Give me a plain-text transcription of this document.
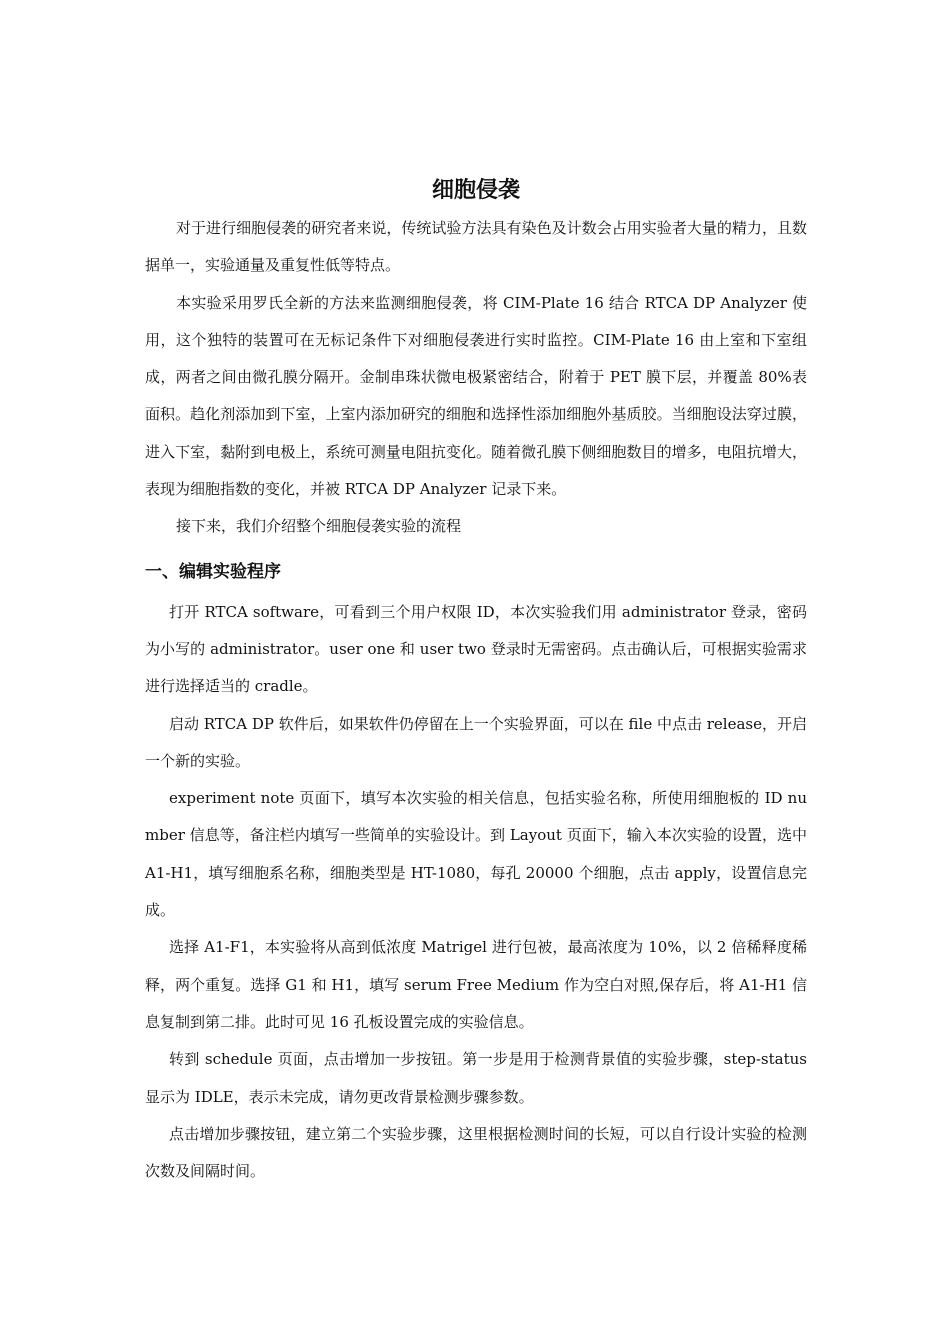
细胞侵袭

对于进行细胞侵袭的研究者来说，传统试验方法具有染色及计数会占用实验者大量的精力，且数据单一，实验通量及重复性低等特点。

本实验采用罗氏全新的方法来监测细胞侵袭，将 CIM-Plate 16 结合 RTCA DP Analyzer 使用，这个独特的装置可在无标记条件下对细胞侵袭进行实时监控。CIM-Plate 16 由上室和下室组成，两者之间由微孔膜分隔开。金制串珠状微电极紧密结合，附着于 PET 膜下层，并覆盖 80%表面积。趋化剂添加到下室，上室内添加研究的细胞和选择性添加细胞外基质胶。当细胞设法穿过膜，进入下室，黏附到电极上，系统可测量电阻抗变化。随着微孔膜下侧细胞数目的增多，电阻抗增大，表现为细胞指数的变化，并被 RTCA DP Analyzer 记录下来。

接下来，我们介绍整个细胞侵袭实验的流程

一、编辑实验程序

打开 RTCA software，可看到三个用户权限 ID，本次实验我们用 administrator 登录，密码为小写的 administrator。user one 和 user two 登录时无需密码。点击确认后，可根据实验需求进行选择适当的 cradle。

启动 RTCA DP 软件后，如果软件仍停留在上一个实验界面，可以在 file 中点击 release，开启一个新的实验。

experiment note 页面下，填写本次实验的相关信息，包括实验名称，所使用细胞板的 ID number 信息等，备注栏内填写一些简单的实验设计。到 Layout 页面下，输入本次实验的设置，选中 A1-H1，填写细胞系名称，细胞类型是 HT-1080，每孔 20000 个细胞，点击 apply，设置信息完成。

选择 A1-F1，本实验将从高到低浓度 Matrigel 进行包被，最高浓度为 10%，以 2 倍稀释度稀释，两个重复。选择 G1 和 H1，填写 serum Free Medium 作为空白对照,保存后，将 A1-H1 信息复制到第二排。此时可见 16 孔板设置完成的实验信息。

转到 schedule 页面，点击增加一步按钮。第一步是用于检测背景值的实验步骤，step-status 显示为 IDLE，表示未完成，请勿更改背景检测步骤参数。

点击增加步骤按钮，建立第二个实验步骤，这里根据检测时间的长短，可以自行设计实验的检测次数及间隔时间。
